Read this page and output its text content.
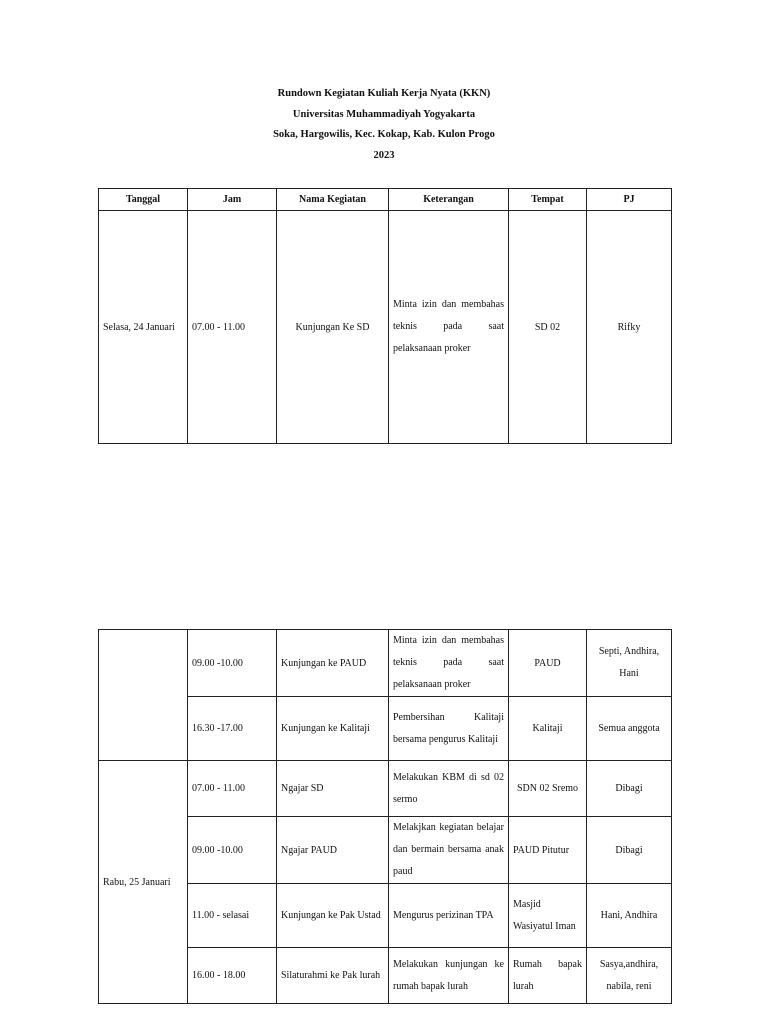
Rundown Kegiatan Kuliah Kerja Nyata (KKN)
Universitas Muhammadiyah Yogyakarta
Soka, Hargowilis, Kec. Kokap, Kab. Kulon Progo
2023
Tanggal	Jam	Nama Kegiatan	Keterangan	Tempat	PJ
Selasa, 24 Januari	07.00 - 11.00	Kunjungan Ke SD	Minta izin dan membahas teknis pada saat pelaksanaan proker	SD 02	Rifky
	09.00 -10.00	Kunjungan ke PAUD	Minta izin dan membahas teknis pada saat pelaksanaan proker	PAUD	Septi, Andhira, Hani
	16.30 -17.00	Kunjungan ke Kalitaji	Pembersihan Kalitaji bersama pengurus Kalitaji	Kalitaji	Semua anggota
Rabu, 25 Januari	07.00 - 11.00	Ngajar SD	Melakukan KBM di sd 02 sermo	SDN 02 Sremo	Dibagi
	09.00 -10.00	Ngajar PAUD	Melakjkan kegiatan belajar dan bermain bersama anak paud	PAUD Pitutur	Dibagi
	11.00 - selasai	Kunjungan ke Pak Ustad	Mengurus perizinan TPA	Masjid Wasiyatul Iman	Hani, Andhira
	16.00 - 18.00	Silaturahmi ke Pak lurah	Melakukan kunjungan ke rumah bapak lurah	Rumah bapak lurah	Sasya,andhira, nabila, reni
